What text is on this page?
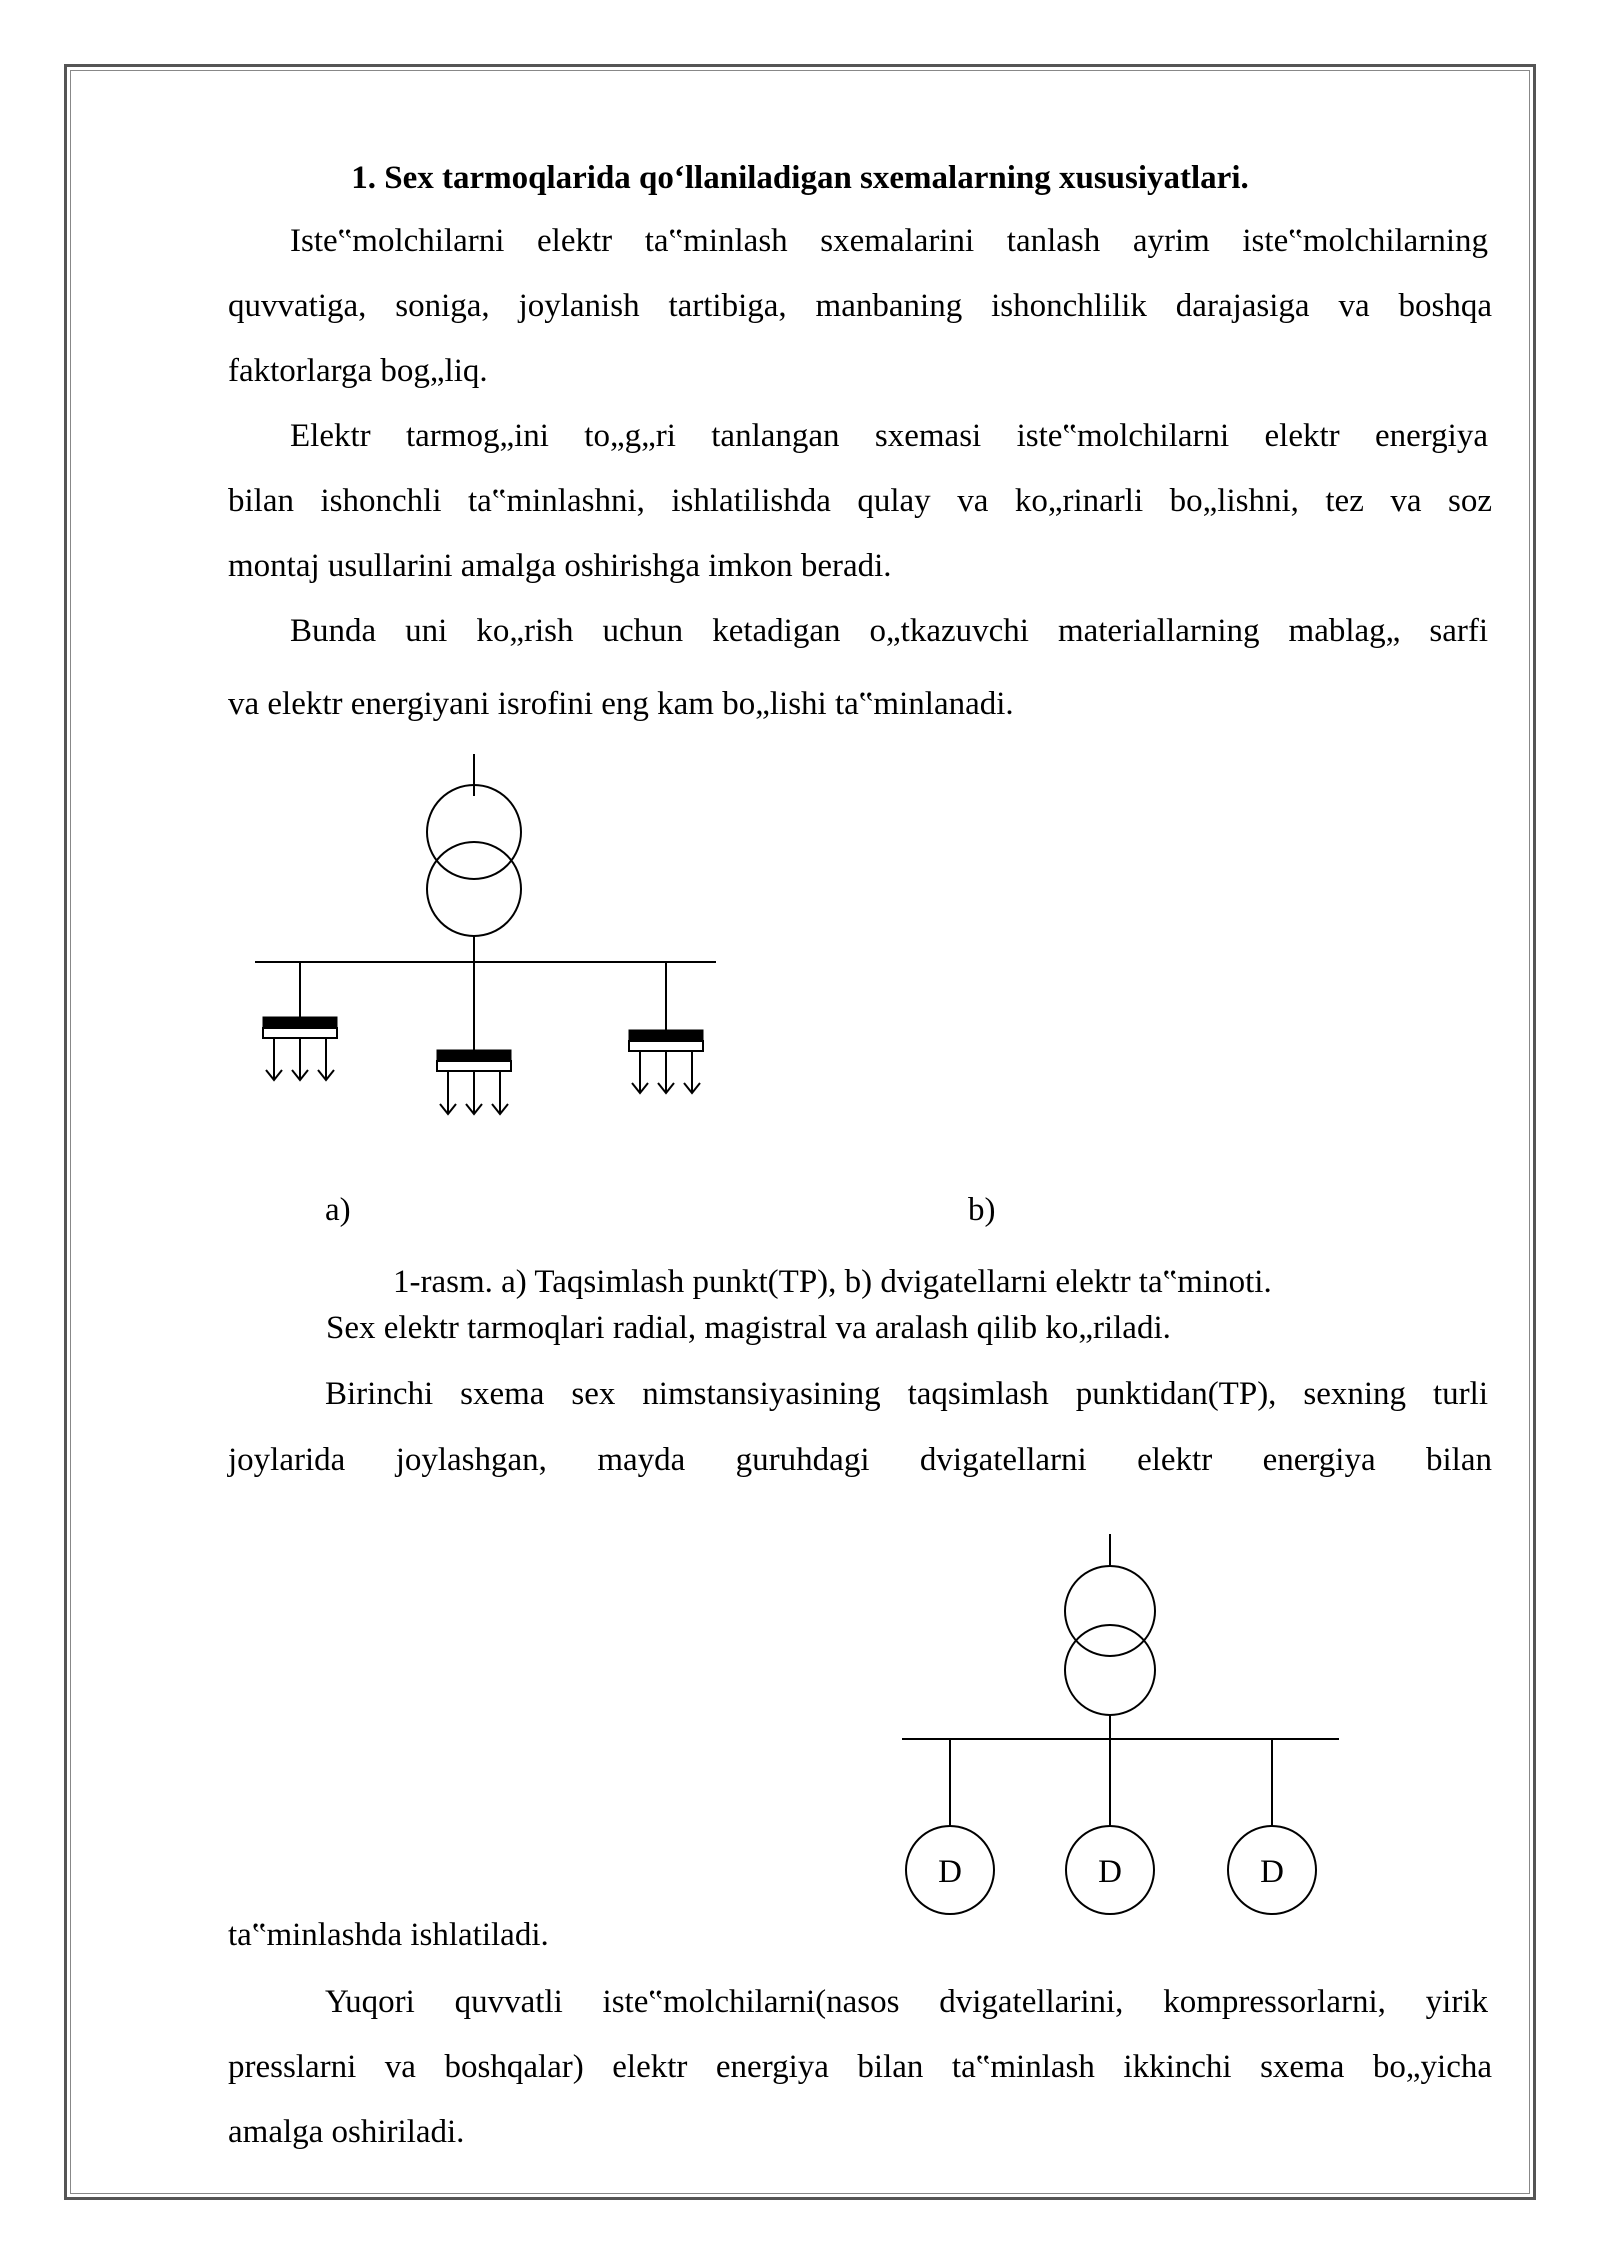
1. Sex tarmoqlarida qo‘llaniladigan sxemalarning xususiyatlari.
Iste‟molchilarni elektr ta‟minlash sxemalarini tanlash ayrim iste‟molchilarning
quvvatiga, soniga, joylanish tartibiga, manbaning ishonchlilik darajasiga va boshqa
faktorlarga bog„liq.
Elektr tarmog„ini to„g„ri tanlangan sxemasi iste‟molchilarni elektr energiya
bilan ishonchli ta‟minlashni, ishlatilishda qulay va ko„rinarli bo„lishni, tez va soz
montaj usullarini amalga oshirishga imkon beradi.
Bunda uni ko„rish uchun ketadigan o„tkazuvchi materiallarning mablag„ sarfi
va elektr energiyani isrofini eng kam bo„lishi ta‟minlanadi.
a)	b)
1-rasm. a) Taqsimlash punkt(TP), b) dvigatellarni elektr ta‟minoti.
Sex elektr tarmoqlari radial, magistral va aralash qilib ko„riladi.
Birinchi sxema sex nimstansiyasining taqsimlash punktidan(TP), sexning turli
joylarida joylashgan, mayda guruhdagi dvigatellarni elektr energiya bilan
D	D	D
ta‟minlashda ishlatiladi.
Yuqori quvvatli iste‟molchilarni(nasos dvigatellarini, kompressorlarni, yirik
presslarni va boshqalar) elektr energiya bilan ta‟minlash ikkinchi sxema bo„yicha
amalga oshiriladi.
